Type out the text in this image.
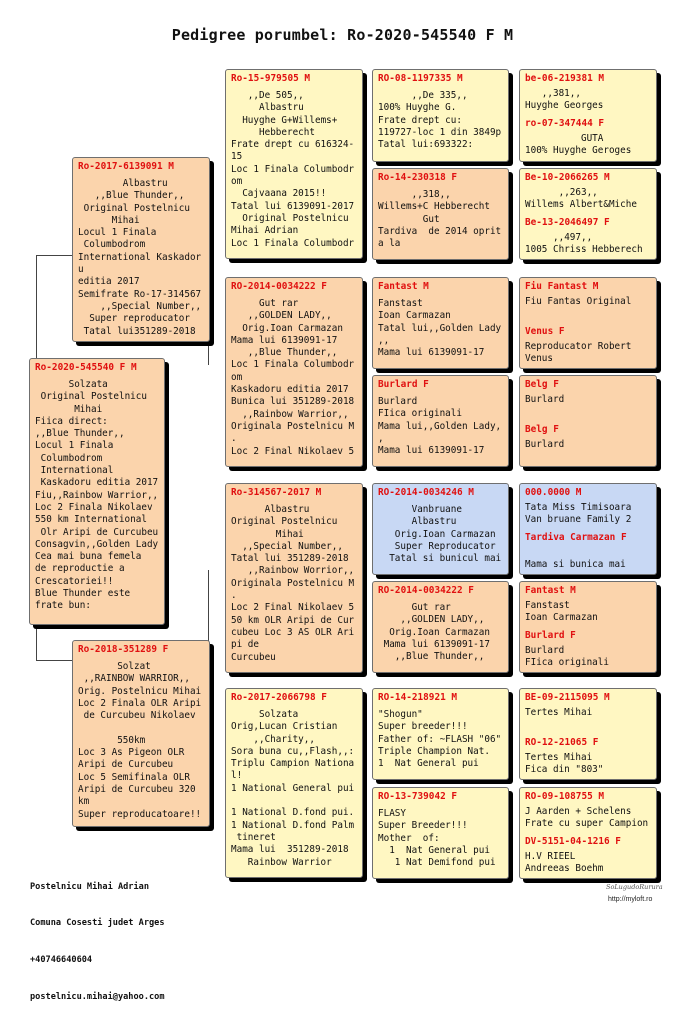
Pedigree porumbel: Ro-2020-545540 F M
Ro-2020-545540 F M
Solzata
Original Postelnicu
Mihai
Fiica direct:
,,Blue Thunder,,
Locul 1 Finala
Columbodrom
International
Kaskadoru editia 2017
Fiu,,Rainbow Warrior,,
Loc 2 Finala Nikolaev
550 km International
Olr Aripi de Curcubeu
Consagvin,,Golden Lady
Cea mai buna femela
de reproductie a
Crescatoriei!!
Blue Thunder este
frate bun:
Ro-2017-6139091 M
Albastru
,,Blue Thunder,,
Original Postelnicu
Mihai
Locul 1 Finala
Columbodrom
International Kaskador
u
editia 2017
Semifrate Ro-17-314567
,,Special Number,,
Super reproducator
Tatal lui351289-2018
Ro-2018-351289 F
Solzat
,,RAINBOW WARRIOR,,
Orig. Postelnicu Mihai
Loc 2 Finala OLR Aripi
de Curcubeu Nikolaev

550km
Loc 3 As Pigeon OLR
Aripi de Curcubeu
Loc 5 Semifinala OLR
Aripi de Curcubeu 320
km
Super reproducatoare!!
Ro-15-979505 M
,,De 505,,
Albastru
Huyghe G+Willems+
Hebberecht
Frate drept cu 616324-
15
Loc 1 Finala Columbodr
om
Cajvaana 2015!!
Tatal lui 6139091-2017
Original Postelnicu
Mihai Adrian
Loc 1 Finala Columbodr
RO-2014-0034222 F
Gut rar
,,GOLDEN LADY,,
Orig.Ioan Carmazan
Mama lui 6139091-17
,,Blue Thunder,,
Loc 1 Finala Columbodr
om
Kaskadoru editia 2017
Bunica lui 351289-2018
,,Rainbow Warrior,,
Originala Postelnicu M
.
Loc 2 Final Nikolaev 5
Ro-314567-2017 M
Albastru
Original Postelnicu
Mihai
,,Special Number,,
Tatal lui 351289-2018
,,Rainbow Worrior,,
Originala Postelnicu M
.
Loc 2 Final Nikolaev 5
50 km OLR Aripi de Cur
cubeu Loc 3 AS OLR Ari
pi de
Curcubeu
Ro-2017-2066798 F
Solzata
Orig,Lucan Cristian
,,Charity,,
Sora buna cu,,Flash,,:
Triplu Campion Nationa
l!
1 National General pui

1 National D.fond pui.
1 National D.fond Palm
tineret
Mama lui  351289-2018
Rainbow Warrior
RO-08-1197335 M
,,De 335,,
100% Huyghe G.
Frate drept cu:
119727-loc 1 din 3849p
Tatal lui:693322:
Ro-14-230318 F
,,318,,
Willems+C Hebberecht
Gut
Tardiva  de 2014 oprit
a la
Fantast M
Fanstast
Ioan Carmazan
Tatal lui,,Golden Lady
,,
Mama lui 6139091-17
Burlard F
Burlard
FIica originali
Mama lui,,Golden Lady,
,
Mama lui 6139091-17
RO-2014-0034246 M
Vanbruane
Albastru
Orig.Ioan Carmazan
Super Reproducator
Tatal si bunicul mai
RO-2014-0034222 F
Gut rar
,,GOLDEN LADY,,
Orig.Ioan Carmazan
Mama lui 6139091-17
,,Blue Thunder,,
RO-14-218921 M
"Shogun"
Super breeder!!!
Father of: ~FLASH "06"
Triple Champion Nat.
1  Nat General pui
RO-13-739042 F
FLASY
Super Breeder!!!
Mother  of:
1  Nat General pui
1 Nat Demifond pui
be-06-219381 M
,,381,,
Huyghe Georges
ro-07-347444 F
GUTA
100% Huyghe Geroges
Be-10-2066265 M
,,263,,
Willems Albert&Miche
Be-13-2046497 F
,,497,,
1005 Chriss Hebberech
Fiu Fantast M
Fiu Fantas Original
Venus F
Reproducator Robert
Venus
Belg F
Burlard
Belg F
Burlard
000.0000 M
Tata Miss Timisoara
Van bruane Family 2
Tardiva Carmazan F

Mama si bunica mai
Fantast M
Fanstast
Ioan Carmazan
Burlard F
Burlard
FIica originali
BE-09-2115095 M
Tertes Mihai
RO-12-21065 F
Tertes Mihai
Fica din "803"
RO-09-108755 M
J Aarden + Schelens
Frate cu super Campion
DV-5151-04-1216 F
H.V RIEEL
Andreeas Boehm

Postelnicu Mihai Adrian

Comuna Cosesti judet Arges

+40746640604

postelnicu.mihai@yahoo.com

SoLugudoRurura
http://myloft.ro
